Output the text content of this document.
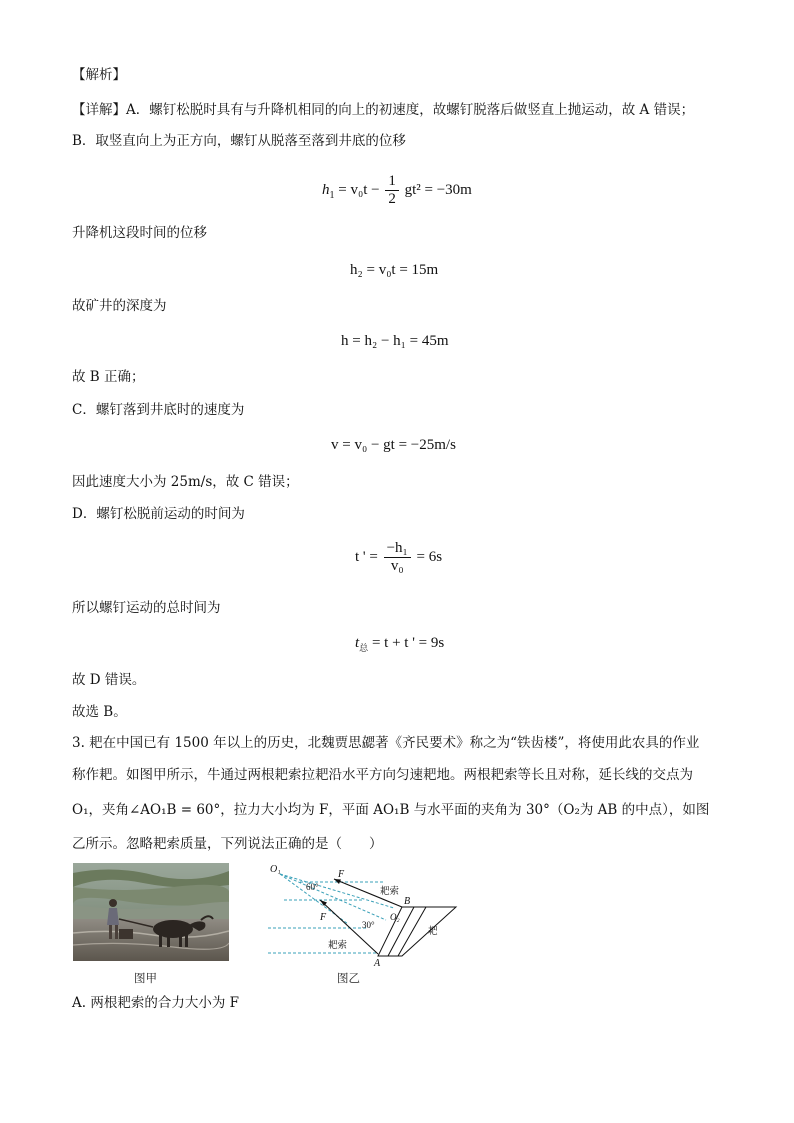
【解析】
【详解】A．螺钉松脱时具有与升降机相同的向上的初速度，故螺钉脱落后做竖直上抛运动，故 A 错误；
B．取竖直向上为正方向，螺钉从脱落至落到井底的位移
$h_1 = v_0t - \frac{1}{2} gt^2 = -30m$
升降机这段时间的位移
h₂ = v₀t = 15m
故矿井的深度为
h = h₂ − h₁ = 45m
故 B 正确；
C．螺钉落到井底时的速度为
v = v₀ − gt = −25m/s
因此速度大小为 25m/s，故 C 错误；
D．螺钉松脱前运动的时间为
t ' = $\frac{\text{−h₁}}{\text{v₀}} = 6s$
所以螺钉运动的总时间为
$t_总 = t + t$ ' = 9s
故 D 错误。
故选 B。
3. 耙在中国已有 1500 年以上的历史，北魏贾思勰著《齐民要术》称之为“铁齿楼”，将使用此农具的作业
称作耙。如图甲所示，牛通过两根耙索拉耙沿水平方向匀速耙地。两根耙索等长且对称，延长线的交点为
O₁，夹角∠AO₁B = 60°，拉力大小均为 F，平面 AO₁B 与水平面的夹角为 30°（O₂为 AB 的中点），如图
乙所示。忽略耙索质量，下列说法正确的是（　　）
图甲
O₁
60°
F
耙索
B
F	O₂
30°
耙
耙索
A
图乙
A. 两根耙索的合力大小为 F
